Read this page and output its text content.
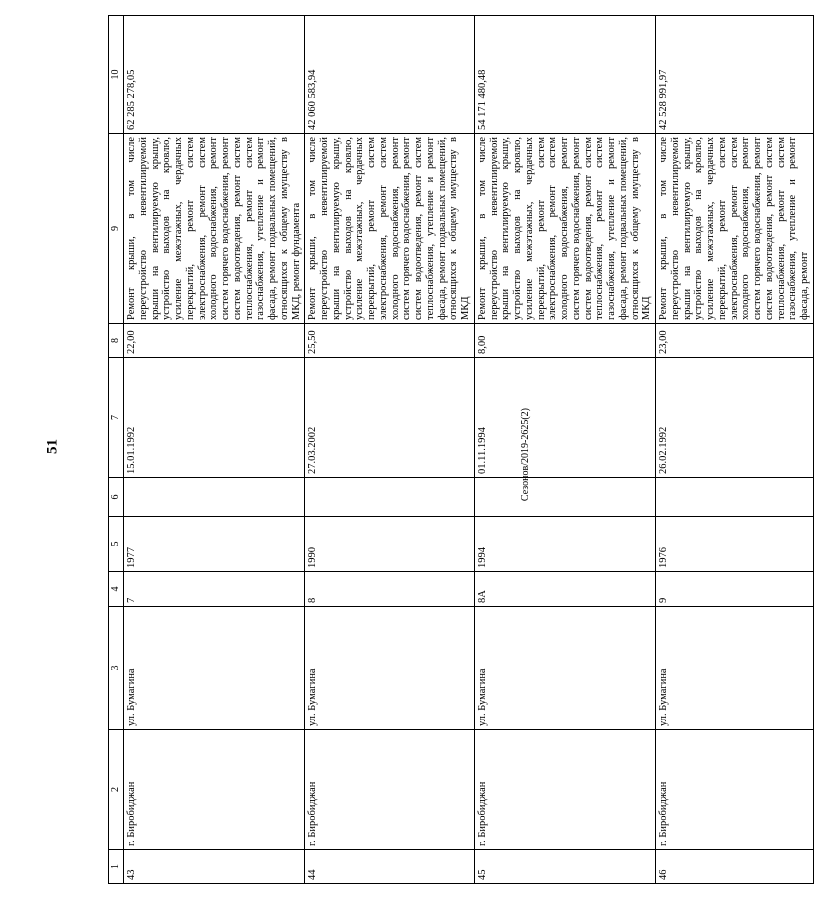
51
1	2	3	4	5	6	7	8	9	10
43	г. Биробиджан	ул. Бумагина	7	1977		15.01.1992	22,00	Ремонт крыши, в том числе переустройство невентилируемой крыши на вентилируемую крышу, устройство выходов на кровлю, усиление межэтажных, чердачных перекрытий, ремонт систем электроснабжения, ремонт систем холодного водоснабжения, ремонт систем горячего водоснабжения, ремонт систем водоотведения, ремонт систем теплоснабжения, ремонт систем газоснабжения, утепление и ремонт фасада, ремонт подвальных помещений, относящихся к общему имуществу в МКД, ремонт фундамента	62 285 278,05
44	г. Биробиджан	ул. Бумагина	8	1990		27.03.2002	25,50	Ремонт крыши, в том числе переустройство невентилируемой крыши на вентилируемую крышу, устройство выходов на кровлю, усиление межэтажных, чердачных перекрытий, ремонт систем электроснабжения, ремонт систем холодного водоснабжения, ремонт систем горячего водоснабжения, ремонт систем водоотведения, ремонт систем теплоснабжения, утепление и ремонт фасада, ремонт подвальных помещений, относящихся к общему имуществу в МКД	42 060 583,94
45	г. Биробиджан	ул. Бумагина	8А	1994		01.11.1994	8,00	Ремонт крыши, в том числе переустройство невентилируемой крыши на вентилируемую крышу, устройство выходов на кровлю, усиление межэтажных, чердачных перекрытий, ремонт систем электроснабжения, ремонт систем холодного водоснабжения, ремонт систем горячего водоснабжения, ремонт систем водоотведения, ремонт систем теплоснабжения, ремонт систем газоснабжения, утепление и ремонт фасада, ремонт подвальных помещений, относящихся к общему имуществу в МКД	54 171 480,48
46	г. Биробиджан	ул. Бумагина	9	1976		26.02.1992	23,00	Ремонт крыши, в том числе переустройство невентилируемой крыши на вентилируемую крышу, устройство выходов на кровлю, усиление межэтажных, чердачных перекрытий, ремонт систем электроснабжения, ремонт систем холодного водоснабжения, ремонт систем горячего водоснабжения, ремонт систем водоотведения, ремонт систем теплоснабжения, ремонт систем газоснабжения, утепление и ремонт фасада, ремонт	42 528 991,97
Сезонов/2019-2625(2)
